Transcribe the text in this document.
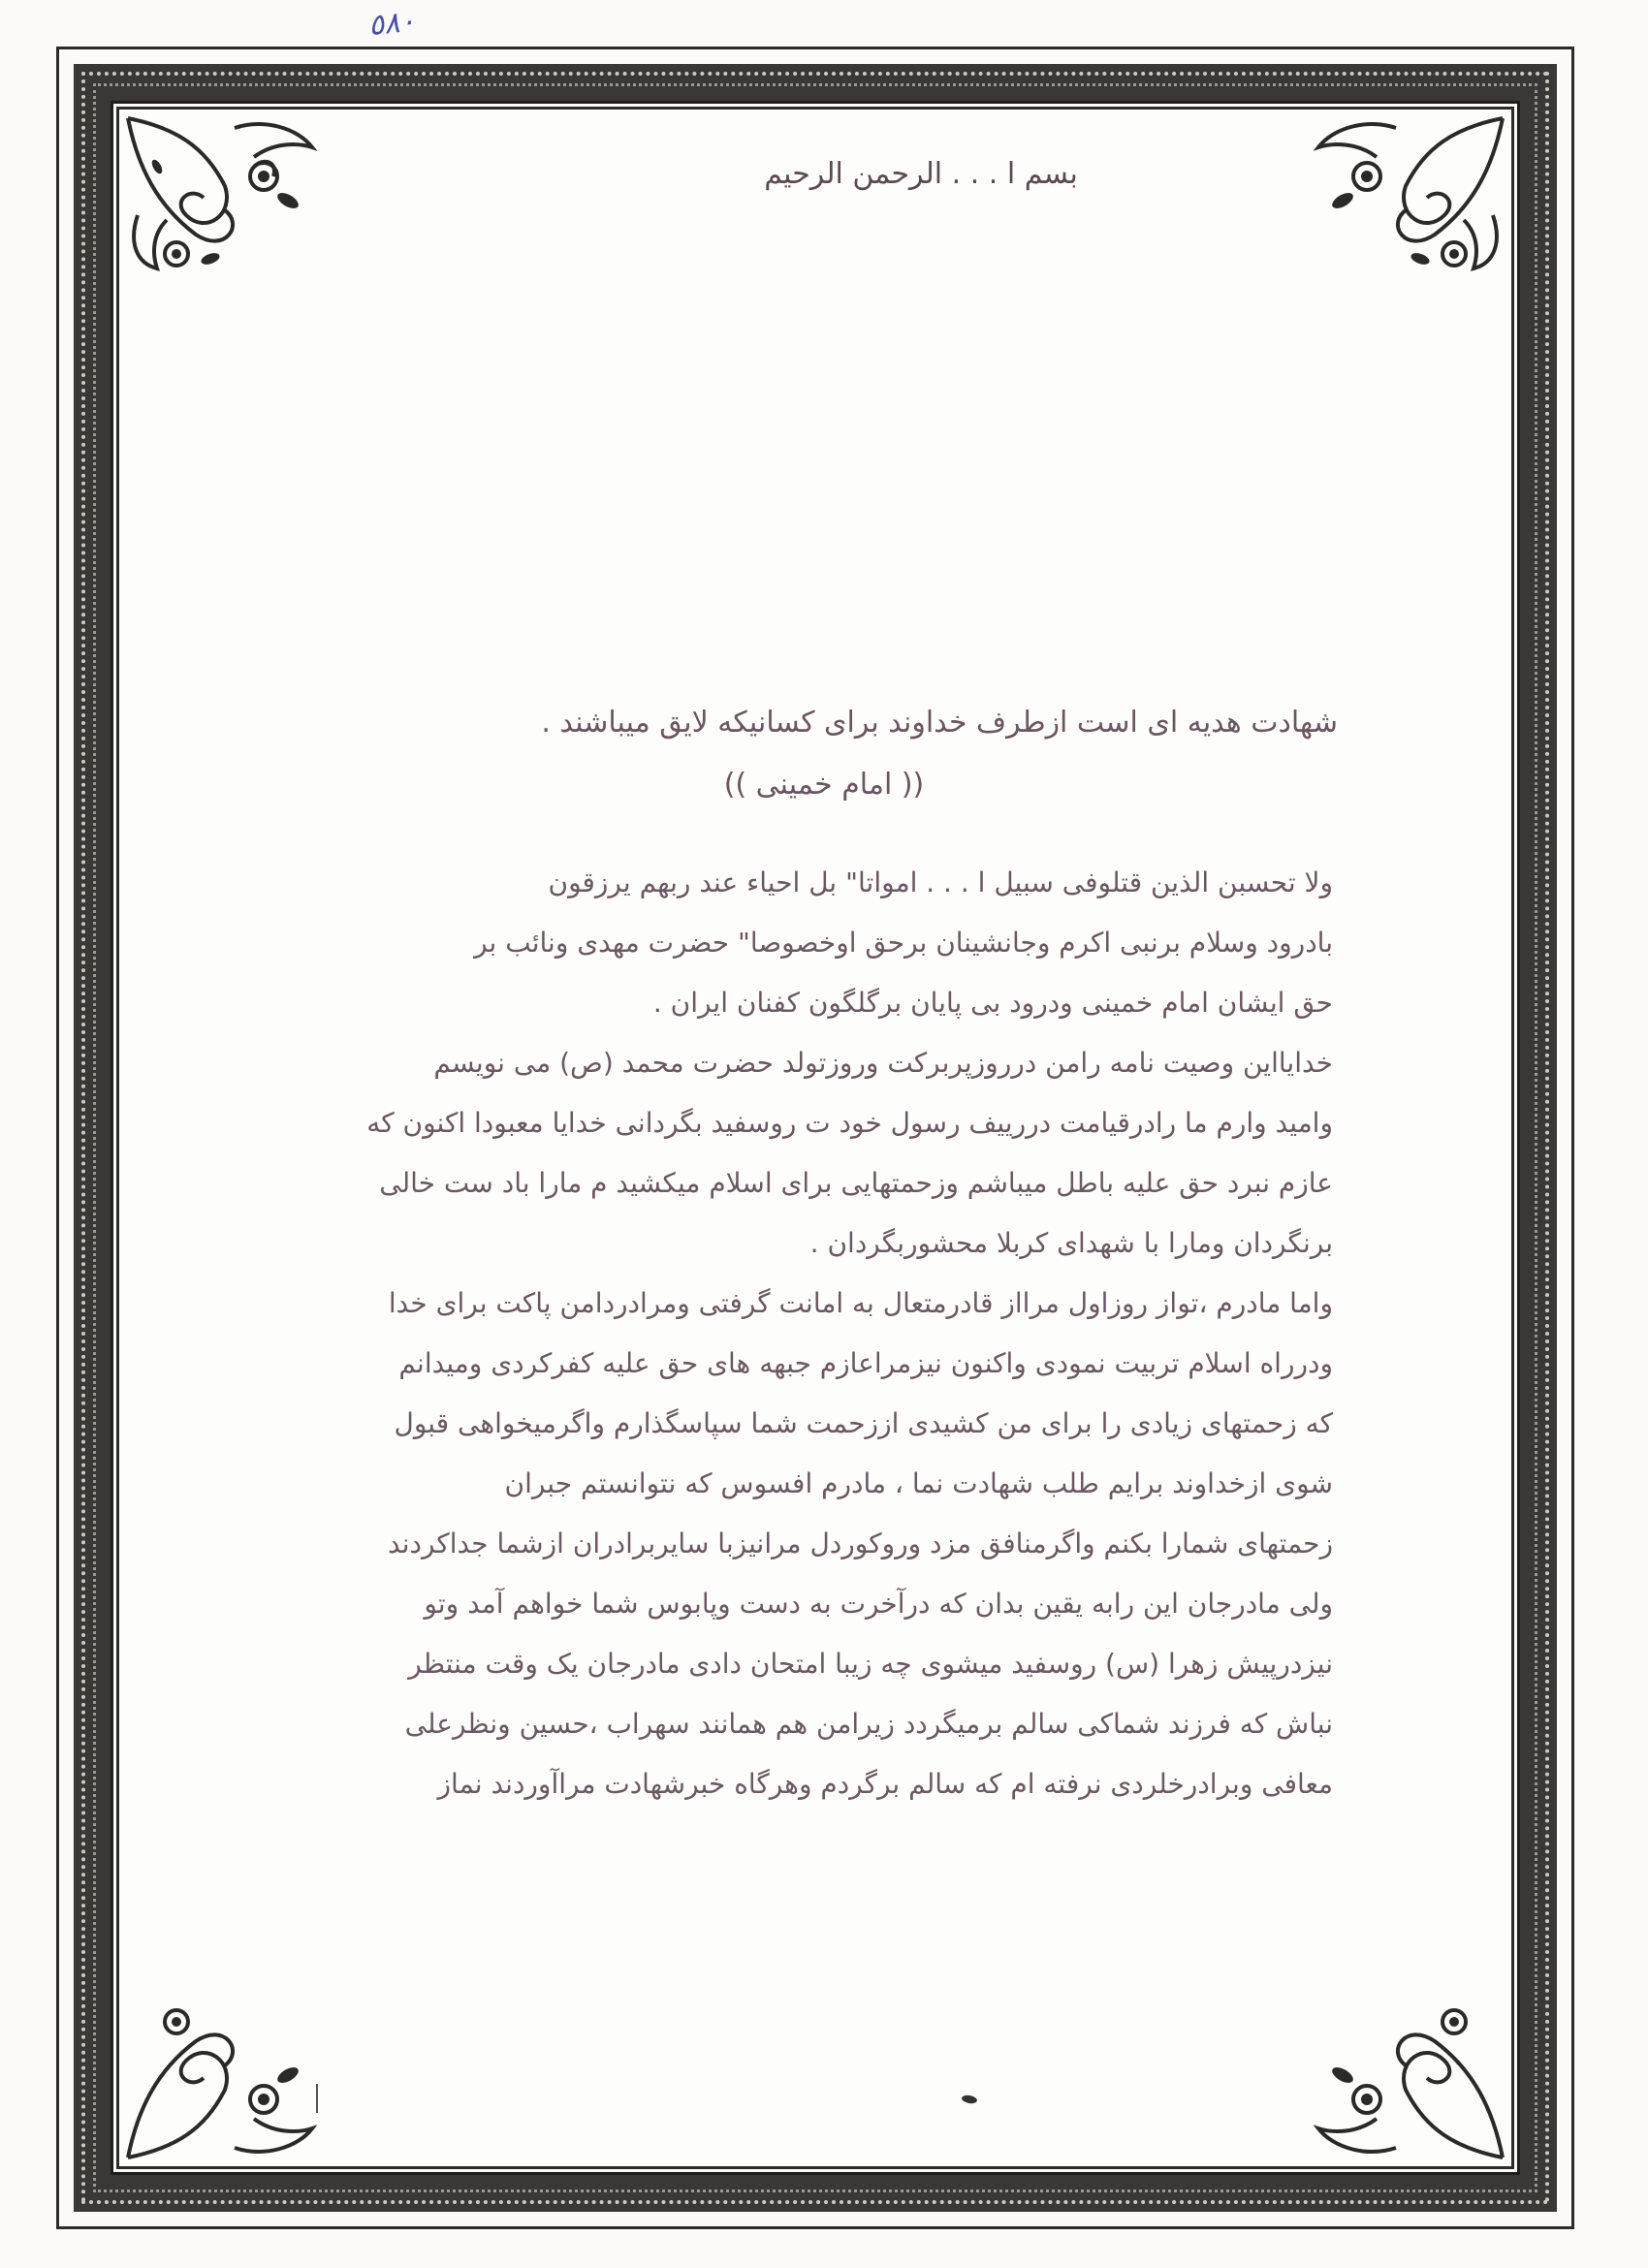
٥٨٠
بسم ا . . . الرحمن الرحيم
شهادت هدیه ای است ازطرف خداوند برای کسانیکه لایق میباشند .
(( امام خمینی ))

ولا تحسبن الذین قتلوفی سبیل ا . . . امواتا" بل احیاء عند ربهم یرزقون

بادرود وسلام برنبی اکرم وجانشینان برحق اوخصوصا" حضرت مهدی ونائب بر

حق ایشان امام خمینی ودرود بی پایان برگلگون کفنان ایران .

خدایااین وصیت نامه رامن درروزپربرکت وروزتولد حضرت محمد (ص) می نویسم

وامید وارم ما رادرقیامت دررییف رسول خود ت روسفید بگردانی خدایا معبودا اکنون که

عازم نبرد حق علیه باطل میباشم وزحمتهایی برای اسلام میکشید م مارا باد ست خالی

برنگردان ومارا با شهدای کربلا محشوربگردان .

واما مادرم ،تواز روزاول مرااز قادرمتعال به امانت گرفتی ومرادردامن پاکت برای خدا

ودرراه اسلام تربیت نمودی واکنون نیزمراعازم جبهه های حق علیه کفرکردی ومیدانم

که زحمتهای زیادی را برای من کشیدی اززحمت شما سپاسگذارم واگرمیخواهی قبول

شوی ازخداوند برایم طلب شهادت نما ، مادرم افسوس که نتوانستم جبران

زحمتهای شمارا بکنم واگرمنافق مزد وروکوردل مرانیزبا سایربرادران ازشما جداکردند

ولی مادرجان این رابه یقین بدان که درآخرت به دست وپابوس شما خواهم آمد وتو

نیزدرپیش زهرا (س) روسفید میشوی چه زیبا امتحان دادی مادرجان یک وقت منتظر

نباش که فرزند شماکی سالم برمیگردد زیرامن هم همانند سهراب ،حسین ونظرعلی

معافی وبرادرخلردی نرفته ام که سالم برگردم وهرگاه خبرشهادت مراآوردند نماز
